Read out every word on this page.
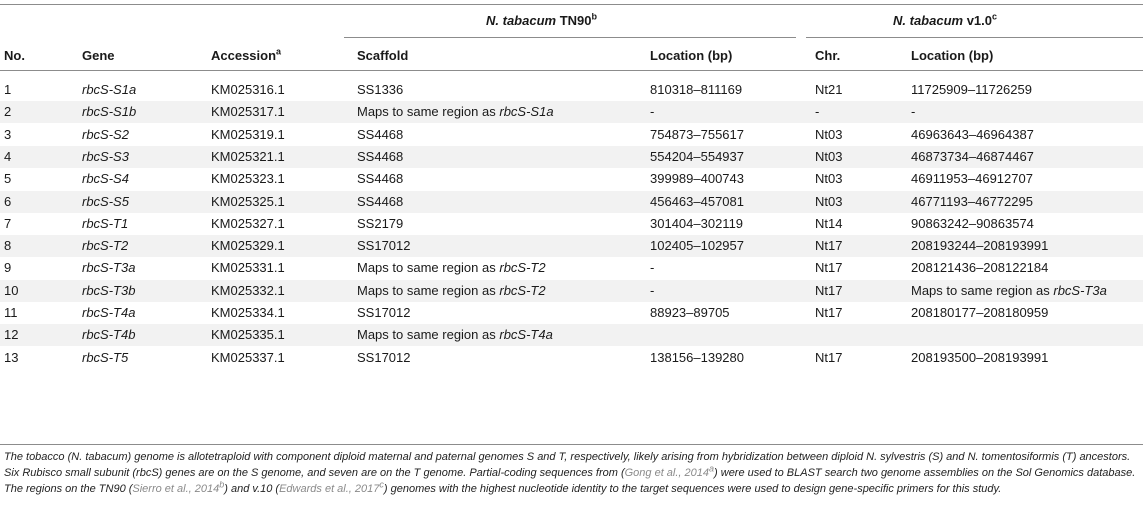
N. tabacum TN90$^b$	N. tabacum v1.0$^c$
No.	Gene	Accession$^a$	Scaffold	Location (bp)	Chr.	Location (bp)
1	rbcS-S1a	KM025316.1	SS1336	810318–811169	Nt21	11725909–11726259
2	rbcS-S1b	KM025317.1	Maps to same region as rbcS-S1a	-	-	-
3	rbcS-S2	KM025319.1	SS4468	754873–755617	Nt03	46963643–46964387
4	rbcS-S3	KM025321.1	SS4468	554204–554937	Nt03	46873734–46874467
5	rbcS-S4	KM025323.1	SS4468	399989–400743	Nt03	46911953–46912707
6	rbcS-S5	KM025325.1	SS4468	456463–457081	Nt03	46771193–46772295
7	rbcS-T1	KM025327.1	SS2179	301404–302119	Nt14	90863242–90863574
8	rbcS-T2	KM025329.1	SS17012	102405–102957	Nt17	208193244–208193991
9	rbcS-T3a	KM025331.1	Maps to same region as rbcS-T2	-	Nt17	208121436–208122184
10	rbcS-T3b	KM025332.1	Maps to same region as rbcS-T2	-	Nt17	Maps to same region as rbcS-T3a
11	rbcS-T4a	KM025334.1	SS17012	88923–89705	Nt17	208180177–208180959
12	rbcS-T4b	KM025335.1	Maps to same region as rbcS-T4a
13	rbcS-T5	KM025337.1	SS17012	138156–139280	Nt17	208193500–208193991
The tobacco (N. tabacum) genome is allotetraploid with component diploid maternal and paternal genomes S and T, respectively, likely arising from hybridization between diploid N. sylvestris (S) and N. tomentosiformis (T) ancestors. Six Rubisco small subunit (rbcS) genes are on the S genome, and seven are on the T genome. Partial-coding sequences from (Gong et al., 2014$^a$) were used to BLAST search two genome assemblies on the Sol Genomics database. The regions on the TN90 (Sierro et al., 2014$^b$) and v.10 (Edwards et al., 2017$^c$) genomes with the highest nucleotide identity to the target sequences were used to design gene-specific primers for this study.
